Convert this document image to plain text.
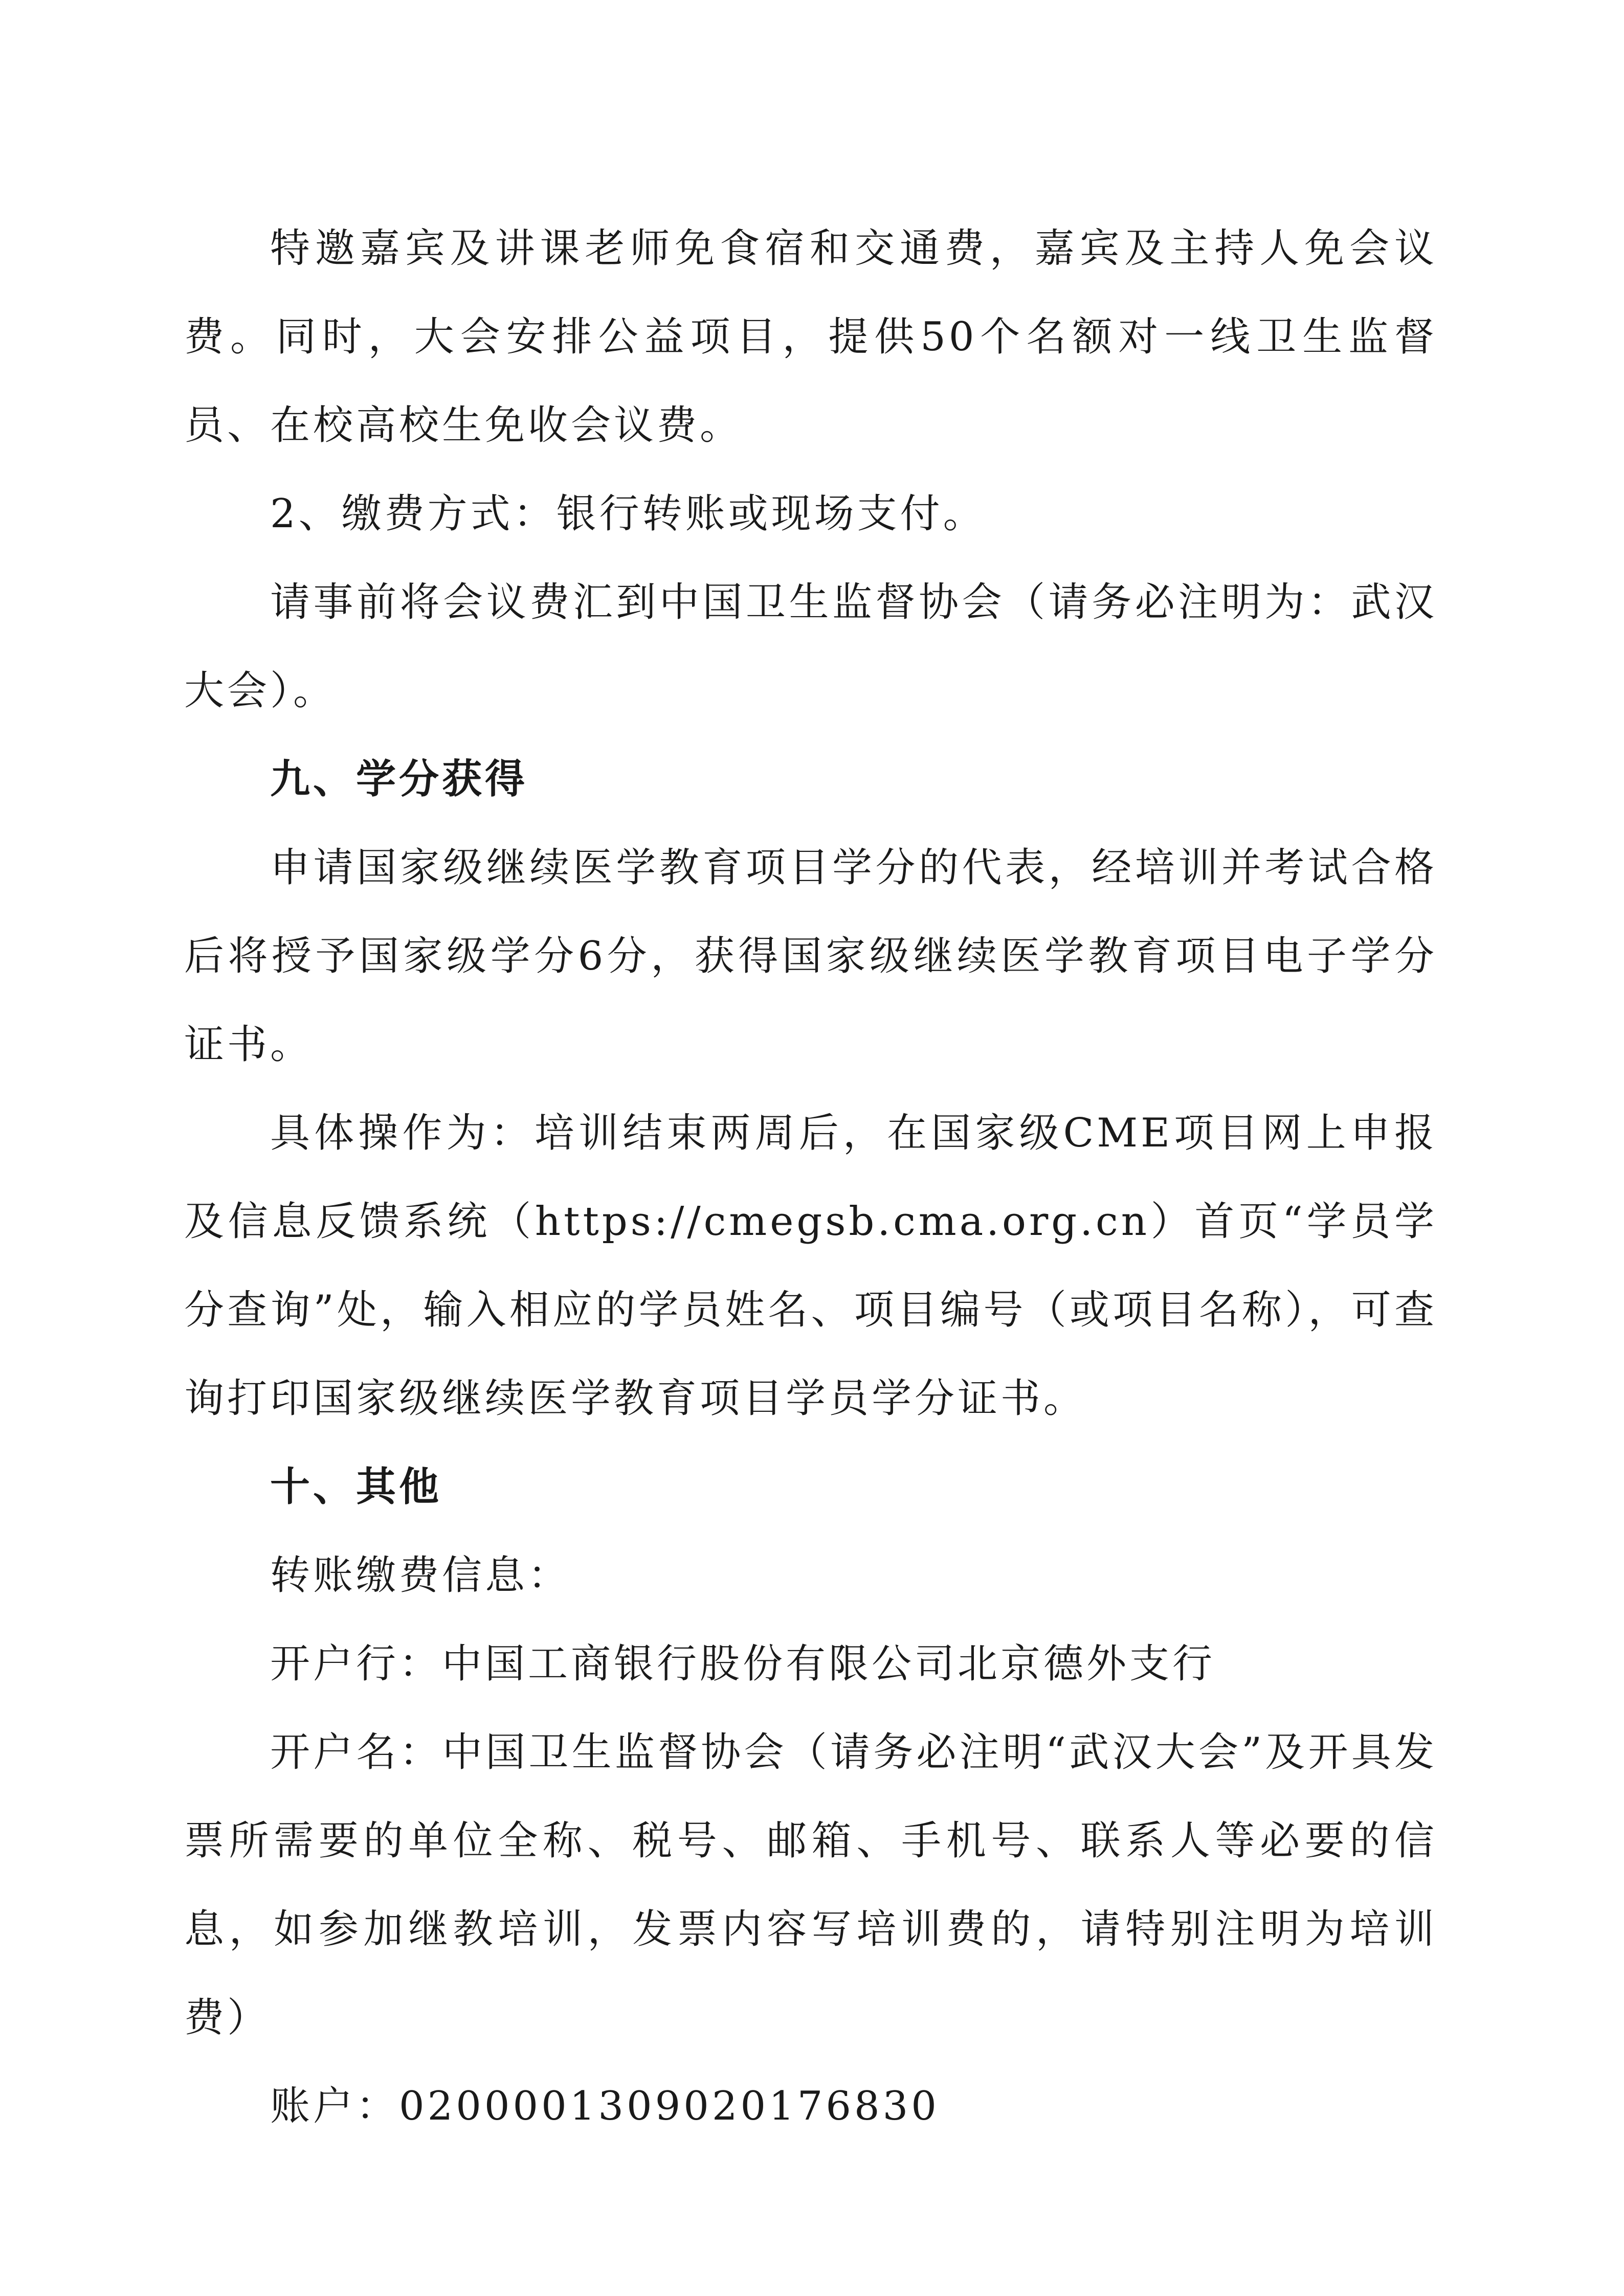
特邀嘉宾及讲课老师免食宿和交通费，嘉宾及主持人免会议费。同时，大会安排公益项目，提供50个名额对一线卫生监督员、在校高校生免收会议费。

2、缴费方式：银行转账或现场支付。

请事前将会议费汇到中国卫生监督协会（请务必注明为：武汉大会）。

九、学分获得

申请国家级继续医学教育项目学分的代表，经培训并考试合格后将授予国家级学分6分，获得国家级继续医学教育项目电子学分证书。

具体操作为：培训结束两周后，在国家级CME项目网上申报及信息反馈系统（https://cmegsb.cma.org.cn）首页“学员学分查询”处，输入相应的学员姓名、项目编号（或项目名称），可查询打印国家级继续医学教育项目学员学分证书。

十、其他

转账缴费信息：

开户行：中国工商银行股份有限公司北京德外支行

开户名：中国卫生监督协会（请务必注明“武汉大会”及开具发票所需要的单位全称、税号、邮箱、手机号、联系人等必要的信息，如参加继教培训，发票内容写培训费的，请特别注明为培训费）

账户：0200001309020176830
